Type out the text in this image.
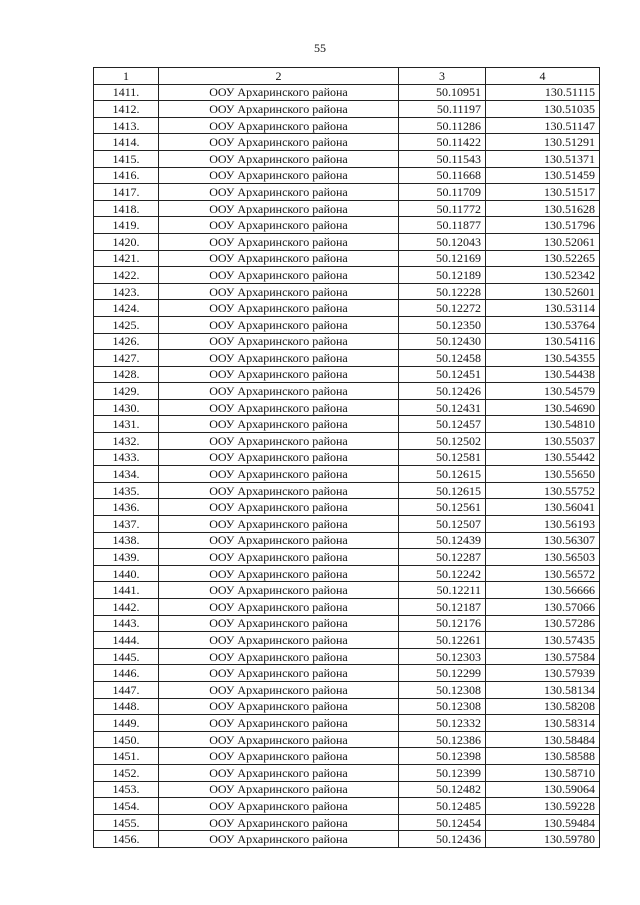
55
1	2	3	4
1411.	ООУ Архаринского района	50.10951	130.51115
1412.	ООУ Архаринского района	50.11197	130.51035
1413.	ООУ Архаринского района	50.11286	130.51147
1414.	ООУ Архаринского района	50.11422	130.51291
1415.	ООУ Архаринского района	50.11543	130.51371
1416.	ООУ Архаринского района	50.11668	130.51459
1417.	ООУ Архаринского района	50.11709	130.51517
1418.	ООУ Архаринского района	50.11772	130.51628
1419.	ООУ Архаринского района	50.11877	130.51796
1420.	ООУ Архаринского района	50.12043	130.52061
1421.	ООУ Архаринского района	50.12169	130.52265
1422.	ООУ Архаринского района	50.12189	130.52342
1423.	ООУ Архаринского района	50.12228	130.52601
1424.	ООУ Архаринского района	50.12272	130.53114
1425.	ООУ Архаринского района	50.12350	130.53764
1426.	ООУ Архаринского района	50.12430	130.54116
1427.	ООУ Архаринского района	50.12458	130.54355
1428.	ООУ Архаринского района	50.12451	130.54438
1429.	ООУ Архаринского района	50.12426	130.54579
1430.	ООУ Архаринского района	50.12431	130.54690
1431.	ООУ Архаринского района	50.12457	130.54810
1432.	ООУ Архаринского района	50.12502	130.55037
1433.	ООУ Архаринского района	50.12581	130.55442
1434.	ООУ Архаринского района	50.12615	130.55650
1435.	ООУ Архаринского района	50.12615	130.55752
1436.	ООУ Архаринского района	50.12561	130.56041
1437.	ООУ Архаринского района	50.12507	130.56193
1438.	ООУ Архаринского района	50.12439	130.56307
1439.	ООУ Архаринского района	50.12287	130.56503
1440.	ООУ Архаринского района	50.12242	130.56572
1441.	ООУ Архаринского района	50.12211	130.56666
1442.	ООУ Архаринского района	50.12187	130.57066
1443.	ООУ Архаринского района	50.12176	130.57286
1444.	ООУ Архаринского района	50.12261	130.57435
1445.	ООУ Архаринского района	50.12303	130.57584
1446.	ООУ Архаринского района	50.12299	130.57939
1447.	ООУ Архаринского района	50.12308	130.58134
1448.	ООУ Архаринского района	50.12308	130.58208
1449.	ООУ Архаринского района	50.12332	130.58314
1450.	ООУ Архаринского района	50.12386	130.58484
1451.	ООУ Архаринского района	50.12398	130.58588
1452.	ООУ Архаринского района	50.12399	130.58710
1453.	ООУ Архаринского района	50.12482	130.59064
1454.	ООУ Архаринского района	50.12485	130.59228
1455.	ООУ Архаринского района	50.12454	130.59484
1456.	ООУ Архаринского района	50.12436	130.59780
